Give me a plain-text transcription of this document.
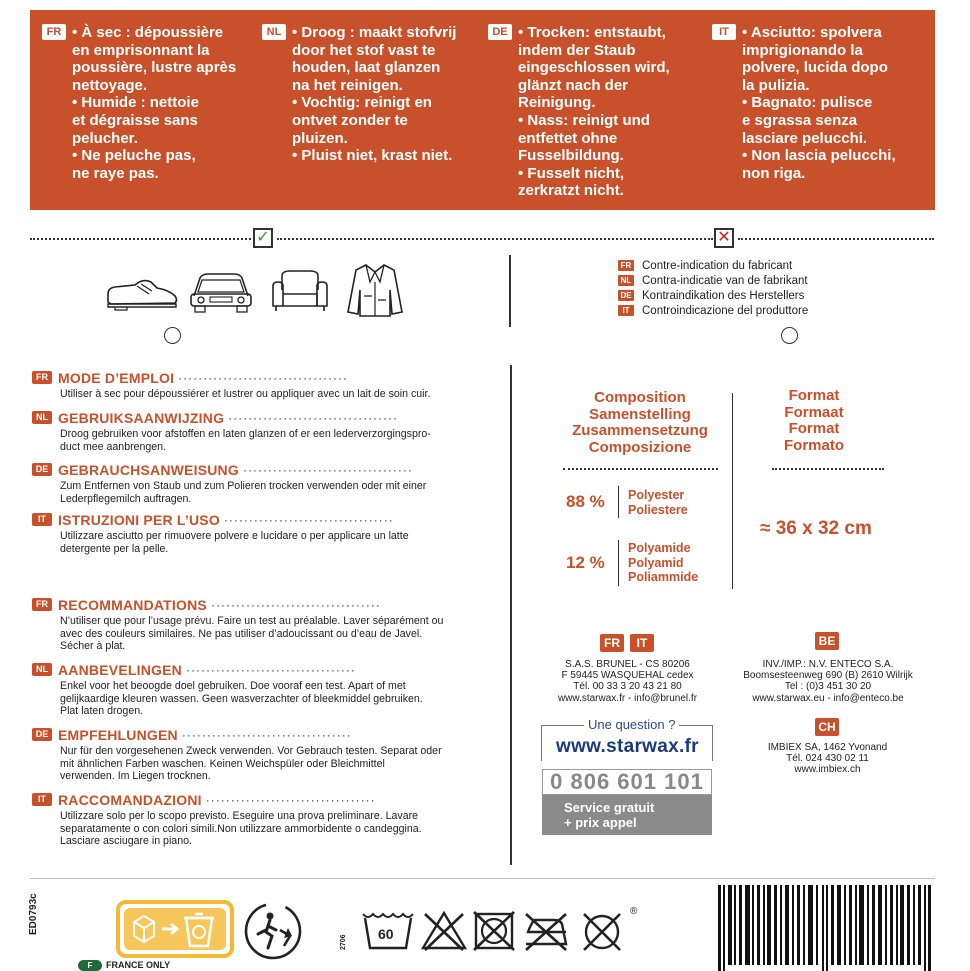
FR • À sec : dépoussière
en emprisonnant la
poussière, lustre après
nettoyage.
• Humide : nettoie
et dégraisse sans
pelucher.
• Ne peluche pas,
ne raye pas.
NL • Droog : maakt stofvrij
door het stof vast te
houden, laat glanzen
na het reinigen.
• Vochtig: reinigt en
ontvet zonder te
pluizen.
• Pluist niet, krast niet.
DE • Trocken: entstaubt,
indem der Staub
eingeschlossen wird,
glänzt nach der
Reinigung.
• Nass: reinigt und
entfettet ohne
Fusselbildung.
• Fusselt nicht,
zerkratzt nicht.
IT • Asciutto: spolvera
imprigionando la
polvere, lucida dopo
la pulizia.
• Bagnato: pulisce
e sgrassa senza
lasciare pelucchi.
• Non lascia pelucchi,
non riga.
✓	✕
FR Contre-indication du fabricant
NL Contra-indicatie van de fabrikant
DE Kontraindikation des Herstellers
IT Controindicazione del produttore
FR MODE D’EMPLOI ··································
Utiliser à sec pour dépoussiérer et lustrer ou appliquer avec un lait de soin cuir.
NL GEBRUIKSAANWIJZING ··································
Droog gebruiken voor afstoffen en laten glanzen of er een lederverzorgingspro-
duct mee aanbrengen.
DE GEBRAUCHSANWEISUNG ··································
Zum Entfernen von Staub und zum Polieren trocken verwenden oder mit einer
Lederpflegemilch auftragen.
IT ISTRUZIONI PER L’USO ··································
Utilizzare asciutto per rimuovere polvere e lucidare o per applicare un latte
detergente per la pelle.
FR RECOMMANDATIONS ··································
N’utiliser que pour l’usage prévu. Faire un test au préalable. Laver séparément ou
avec des couleurs similaires. Ne pas utiliser d’adoucissant ou d’eau de Javel.
Sécher à plat.
NL AANBEVELINGEN ··································
Enkel voor het beoogde doel gebruiken. Doe vooraf een test. Apart of met
gelijkaardige kleuren wassen. Geen wasverzachter of bleekmiddel gebruiken.
Plat laten drogen.
DE EMPFEHLUNGEN ··································
Nur für den vorgesehenen Zweck verwenden. Vor Gebrauch testen. Separat oder
mit ähnlichen Farben waschen. Keinen Weichspüler oder Bleichmittel
verwenden. Im Liegen trocknen.
IT RACCOMANDAZIONI ··································
Utilizzare solo per lo scopo previsto. Eseguire una prova preliminare. Lavare
separatamente o con colori simili.Non utilizzare ammorbidente o candeggina.
Lasciare asciugare in piano.
Composition
Samenstelling
Zusammensetzung
Composizione
88 % Polyester
Poliestere
12 %
Polyamide
Polyamid
Poliammide
Format
Formaat
Format
Formato
≈ 36 x 32 cm
FR	IT
S.A.S. BRUNEL - CS 80206
F 59445 WASQUEHAL cedex
Tél. 00 33 3 20 43 21 80
www.starwax.fr - info@brunel.fr
BE
INV./IMP.: N.V. ENTECO S.A.
Boomsesteenweg 690 (B) 2610 Wilrijk
Tel : (0)3 451 30 20
www.starwax.eu - info@enteco.be
CH
IMBIEX SA, 1462 Yvonand
Tél. 024 430 02 11
www.imbiex.ch
Une question ?
www.starwax.fr
0 806 601 101
Service gratuit
+ prix appel
ED0793c
F FRANCE ONLY
2706
60
®
